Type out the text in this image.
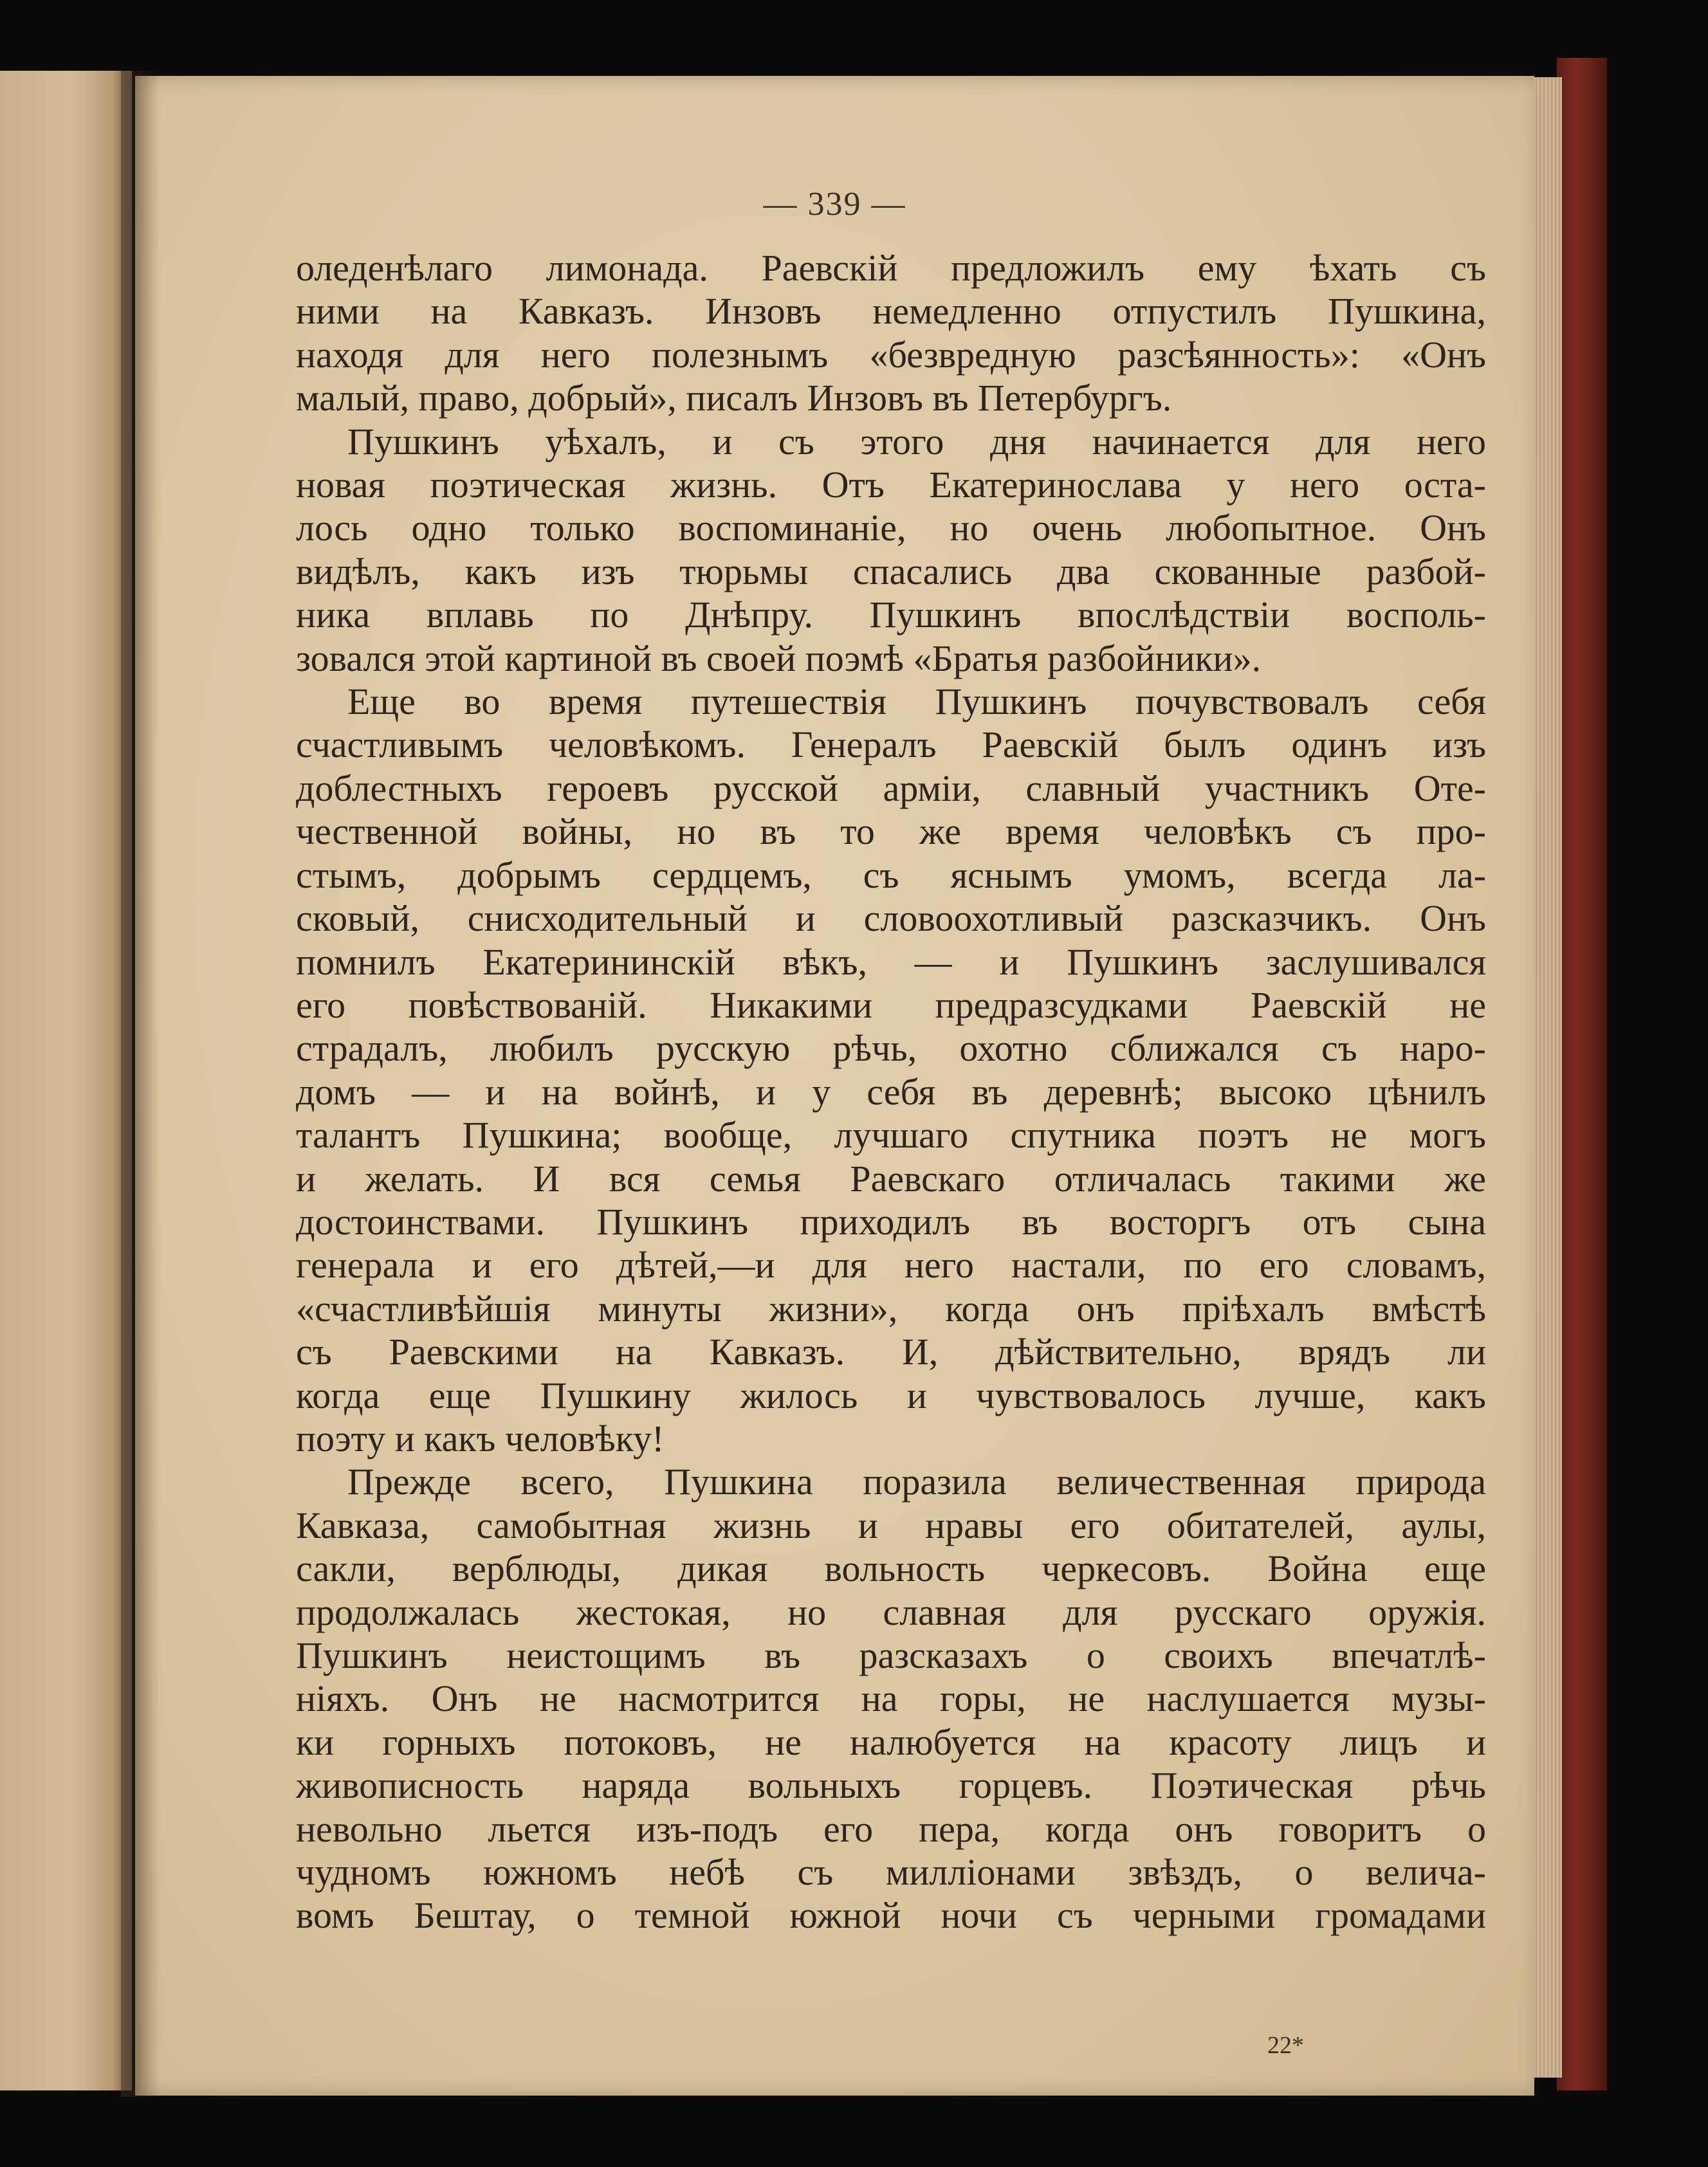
— 339 —
оледенѣлаго лимонада. Раевскій предложилъ ему ѣхать съ
ними на Кавказъ. Инзовъ немедленно отпустилъ Пушкина,
находя для него полезнымъ «безвредную разсѣянность»: «Онъ
малый, право, добрый», писалъ Инзовъ въ Петербургъ.
Пушкинъ уѣхалъ, и съ этого дня начинается для него
новая поэтическая жизнь. Отъ Екатеринослава у него оста-
лось одно только воспоминаніе, но очень любопытное. Онъ
видѣлъ, какъ изъ тюрьмы спасались два скованные разбой-
ника вплавь по Днѣпру. Пушкинъ впослѣдствіи восполь-
зовался этой картиной въ своей поэмѣ «Братья разбойники».
Еще во время путешествія Пушкинъ почувствовалъ себя
счастливымъ человѣкомъ. Генералъ Раевскій былъ одинъ изъ
доблестныхъ героевъ русской арміи, славный участникъ Оте-
чественной войны, но въ то же время человѣкъ съ про-
стымъ, добрымъ сердцемъ, съ яснымъ умомъ, всегда ла-
сковый, снисходительный и словоохотливый разсказчикъ. Онъ
помнилъ Екатерининскій вѣкъ, — и Пушкинъ заслушивался
его повѣствованій. Никакими предразсудками Раевскій не
страдалъ, любилъ русскую рѣчь, охотно сближался съ наро-
домъ — и на войнѣ, и у себя въ деревнѣ; высоко цѣнилъ
талантъ Пушкина; вообще, лучшаго спутника поэтъ не могъ
и желать. И вся семья Раевскаго отличалась такими же
достоинствами. Пушкинъ приходилъ въ восторгъ отъ сына
генерала и его дѣтей,—и для него настали, по его словамъ,
«счастливѣйшія минуты жизни», когда онъ пріѣхалъ вмѣстѣ
съ Раевскими на Кавказъ. И, дѣйствительно, врядъ ли
когда еще Пушкину жилось и чувствовалось лучше, какъ
поэту и какъ человѣку!
Прежде всего, Пушкина поразила величественная природа
Кавказа, самобытная жизнь и нравы его обитателей, аулы,
сакли, верблюды, дикая вольность черкесовъ. Война еще
продолжалась жестокая, но славная для русскаго оружія.
Пушкинъ неистощимъ въ разсказахъ о своихъ впечатлѣ-
ніяхъ. Онъ не насмотрится на горы, не наслушается музы-
ки горныхъ потоковъ, не налюбуется на красоту лицъ и
живописность наряда вольныхъ горцевъ. Поэтическая рѣчь
невольно льется изъ-подъ его пера, когда онъ говоритъ о
чудномъ южномъ небѣ съ милліонами звѣздъ, о велича-
вомъ Бештау, о темной южной ночи съ черными громадами
22*
